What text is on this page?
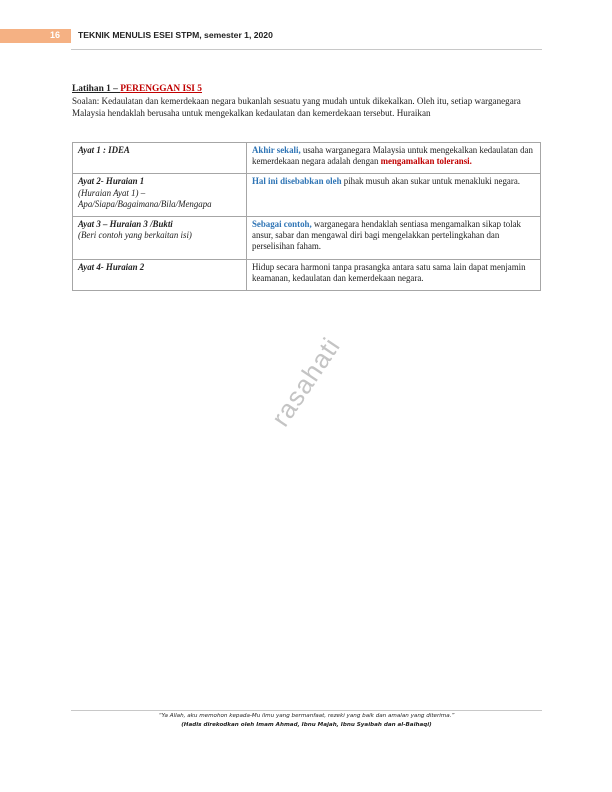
16	TEKNIK MENULIS ESEI STPM, semester 1, 2020
Latihan 1 – PERENGGAN ISI 5
Soalan: Kedaulatan dan kemerdekaan negara bukanlah sesuatu yang mudah untuk dikekalkan. Oleh itu, setiap warganegara Malaysia hendaklah berusaha untuk mengekalkan kedaulatan dan kemerdekaan tersebut. Huraikan
Ayat 1 : IDEA	Akhir sekali, usaha warganegara Malaysia untuk mengekalkan kedaulatan dan kemerdekaan negara adalah dengan mengamalkan toleransi.

Ayat 2- Huraian 1
(Huraian Ayat 1) – Apa/Siapa/Bagaimana/Bila/Mengapa	Hal ini disebabkan oleh pihak musuh akan sukar untuk menakluki negara.

Ayat 3 – Huraian 3 /Bukti
(Beri contoh yang berkaitan isi)	Sebagai contoh, warganegara hendaklah sentiasa mengamalkan sikap tolak ansur, sabar dan mengawal diri bagi mengelakkan pertelingkahan dan perselisihan faham.

Ayat 4- Huraian 2	Hidup secara harmoni tanpa prasangka antara satu sama lain dapat menjamin keamanan, kedaulatan dan kemerdekaan negara.
rasahati
“Ya Allah, aku memohon kepada-Mu ilmu yang bermanfaat, rezeki yang baik dan amalan yang diterima.”
(Hadis direkodkan oleh Imam Ahmad, Ibnu Majah, Ibnu Syaibah dan al-Baihaqi)
